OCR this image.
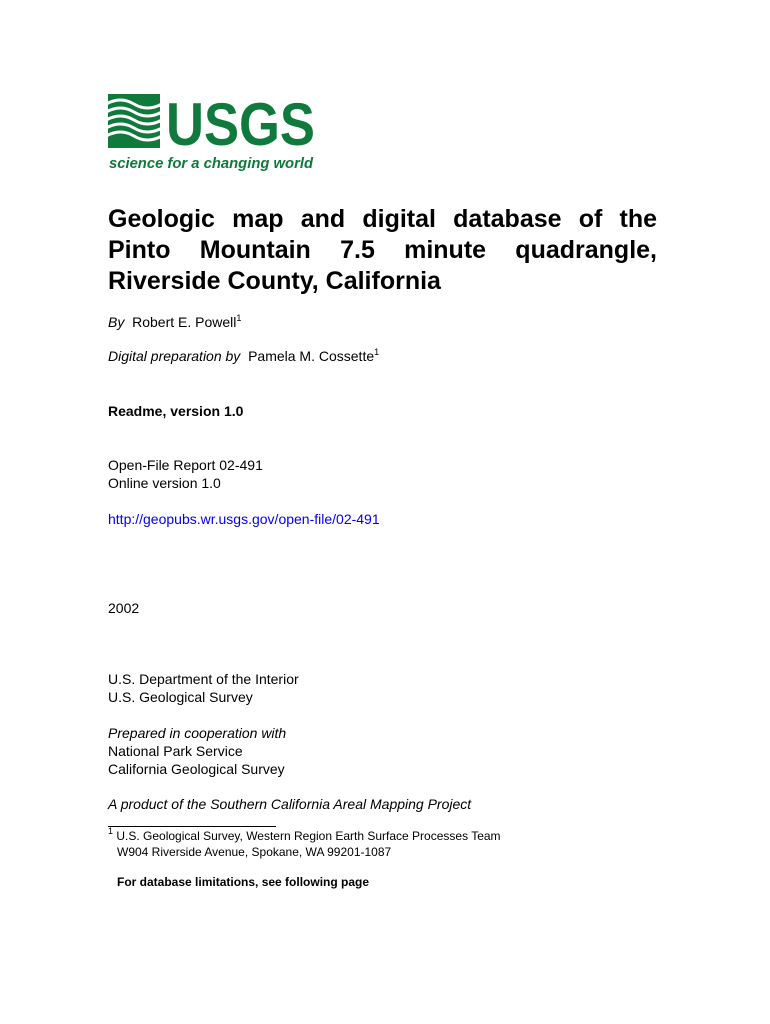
USGS
science for a changing world
Geologic map and digital database of the Pinto Mountain 7.5 minute quadrangle, Riverside County, California

By Robert E. Powell$^1$

Digital preparation by Pamela M. Cossette$^1$

Readme, version 1.0

Open-File Report 02-491

Online version 1.0

http://geopubs.wr.usgs.gov/open-file/02-491

2002

U.S. Department of the Interior

U.S. Geological Survey

Prepared in cooperation with

National Park Service

California Geological Survey

A product of the Southern California Areal Mapping Project

$^1$ U.S. Geological Survey, Western Region Earth Surface Processes Team

W904 Riverside Avenue, Spokane, WA 99201-1087

For database limitations, see following page
